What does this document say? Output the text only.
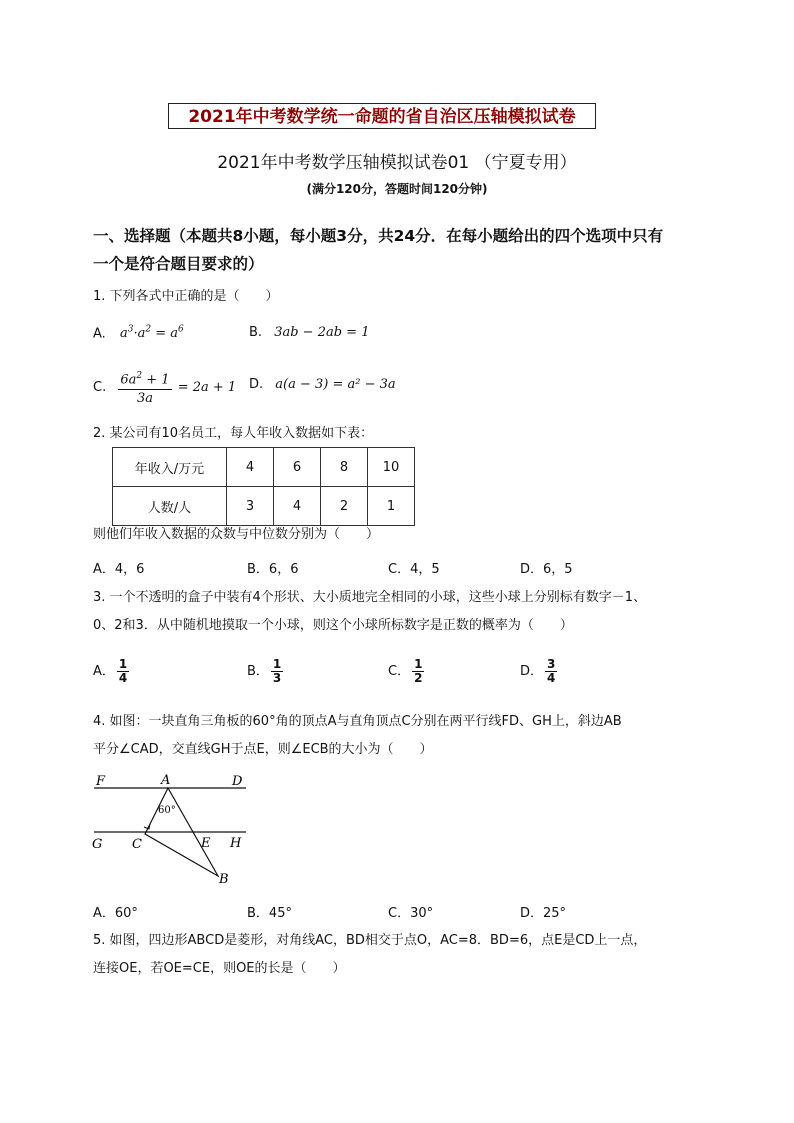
2021年中考数学统一命题的省自治区压轴模拟试卷
2021年中考数学压轴模拟试卷01 （宁夏专用）
(满分120分，答题时间120分钟)
一、选择题（本题共8小题，每小题3分，共24分．在每小题给出的四个选项中只有
一个是符合题目要求的）
1. 下列各式中正确的是（　　）
A. $a^3\cdot a^2 = a^6$	B. 3ab − 2ab = 1
C. $\frac{6a^2 + 1}{3a} = 2a + 1$ D. a(a − 3) = a² − 3a
2. 某公司有10名员工，每人年收入数据如下表：
年收入/万元	4	6	8	10
人数/人	3	4	2	1
则他们年收入数据的众数与中位数分别为（　　）
A．4，6	B．6，6	C．4，5	D．6，5
3. 一个不透明的盒子中装有4个形状、大小质地完全相同的小球，这些小球上分别标有数字－1、
0、2和3．从中随机地摸取一个小球，则这个小球所标数字是正数的概率为（　　）
A． $\frac{1}{4}$	B． $\frac{1}{3}$	C． $\frac{1}{2}$	D． $\frac{3}{4}$
4. 如图：一块直角三角板的60°角的顶点A与直角顶点C分别在两平行线FD、GH上，斜边AB
平分∠CAD，交直线GH于点E，则∠ECB的大小为（　　）
F	A	D
G C	E H
B
60°
A．60°	B．45°	C．30°	D．25°
5. 如图，四边形ABCD是菱形，对角线AC，BD相交于点O，AC=8．BD=6，点E是CD上一点，
连接OE，若OE=CE，则OE的长是（　　）
